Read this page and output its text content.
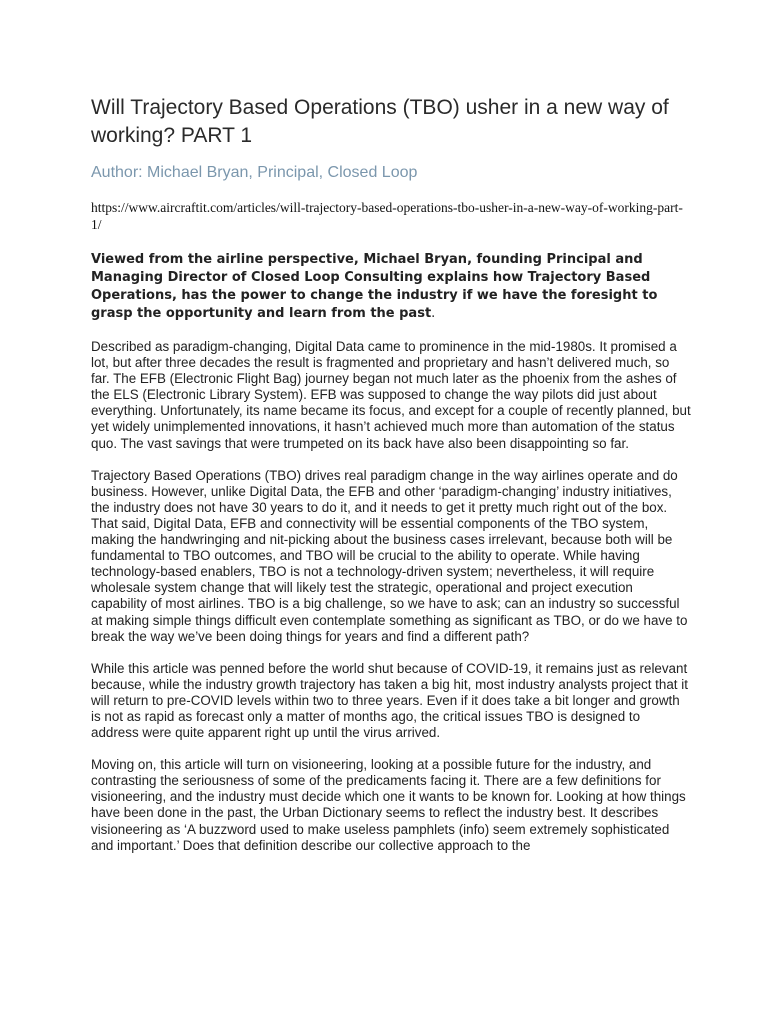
Will Trajectory Based Operations (TBO) usher in a new way of working? PART 1

Author: Michael Bryan, Principal, Closed Loop

https://www.aircraftit.com/articles/will-trajectory-based-operations-tbo-usher-in-a-new-way-of-working-part-1/

Viewed from the airline perspective, Michael Bryan, founding Principal and Managing Director of Closed Loop Consulting explains how Trajectory Based Operations, has the power to change the industry if we have the foresight to grasp the opportunity and learn from the past.

Described as paradigm-changing, Digital Data came to prominence in the mid-1980s. It promised a lot, but after three decades the result is fragmented and proprietary and hasn’t delivered much, so far. The EFB (Electronic Flight Bag) journey began not much later as the phoenix from the ashes of the ELS (Electronic Library System). EFB was supposed to change the way pilots did just about everything. Unfortunately, its name became its focus, and except for a couple of recently planned, but yet widely unimplemented innovations, it hasn’t achieved much more than automation of the status quo. The vast savings that were trumpeted on its back have also been disappointing so far.

Trajectory Based Operations (TBO) drives real paradigm change in the way airlines operate and do business. However, unlike Digital Data, the EFB and other ‘paradigm-changing’ industry initiatives, the industry does not have 30 years to do it, and it needs to get it pretty much right out of the box. That said, Digital Data, EFB and connectivity will be essential components of the TBO system, making the handwringing and nit-picking about the business cases irrelevant, because both will be fundamental to TBO outcomes, and TBO will be crucial to the ability to operate. While having technology-based enablers, TBO is not a technology-driven system; nevertheless, it will require wholesale system change that will likely test the strategic, operational and project execution capability of most airlines. TBO is a big challenge, so we have to ask; can an industry so successful at making simple things difficult even contemplate something as significant as TBO, or do we have to break the way we’ve been doing things for years and find a different path?

While this article was penned before the world shut because of COVID-19, it remains just as relevant because, while the industry growth trajectory has taken a big hit, most industry analysts project that it will return to pre-COVID levels within two to three years. Even if it does take a bit longer and growth is not as rapid as forecast only a matter of months ago, the critical issues TBO is designed to address were quite apparent right up until the virus arrived.

Moving on, this article will turn on visioneering, looking at a possible future for the industry, and contrasting the seriousness of some of the predicaments facing it. There are a few definitions for visioneering, and the industry must decide which one it wants to be known for. Looking at how things have been done in the past, the Urban Dictionary seems to reflect the industry best. It describes visioneering as ‘A buzzword used to make useless pamphlets (info) seem extremely sophisticated and important.’ Does that definition describe our collective approach to the
